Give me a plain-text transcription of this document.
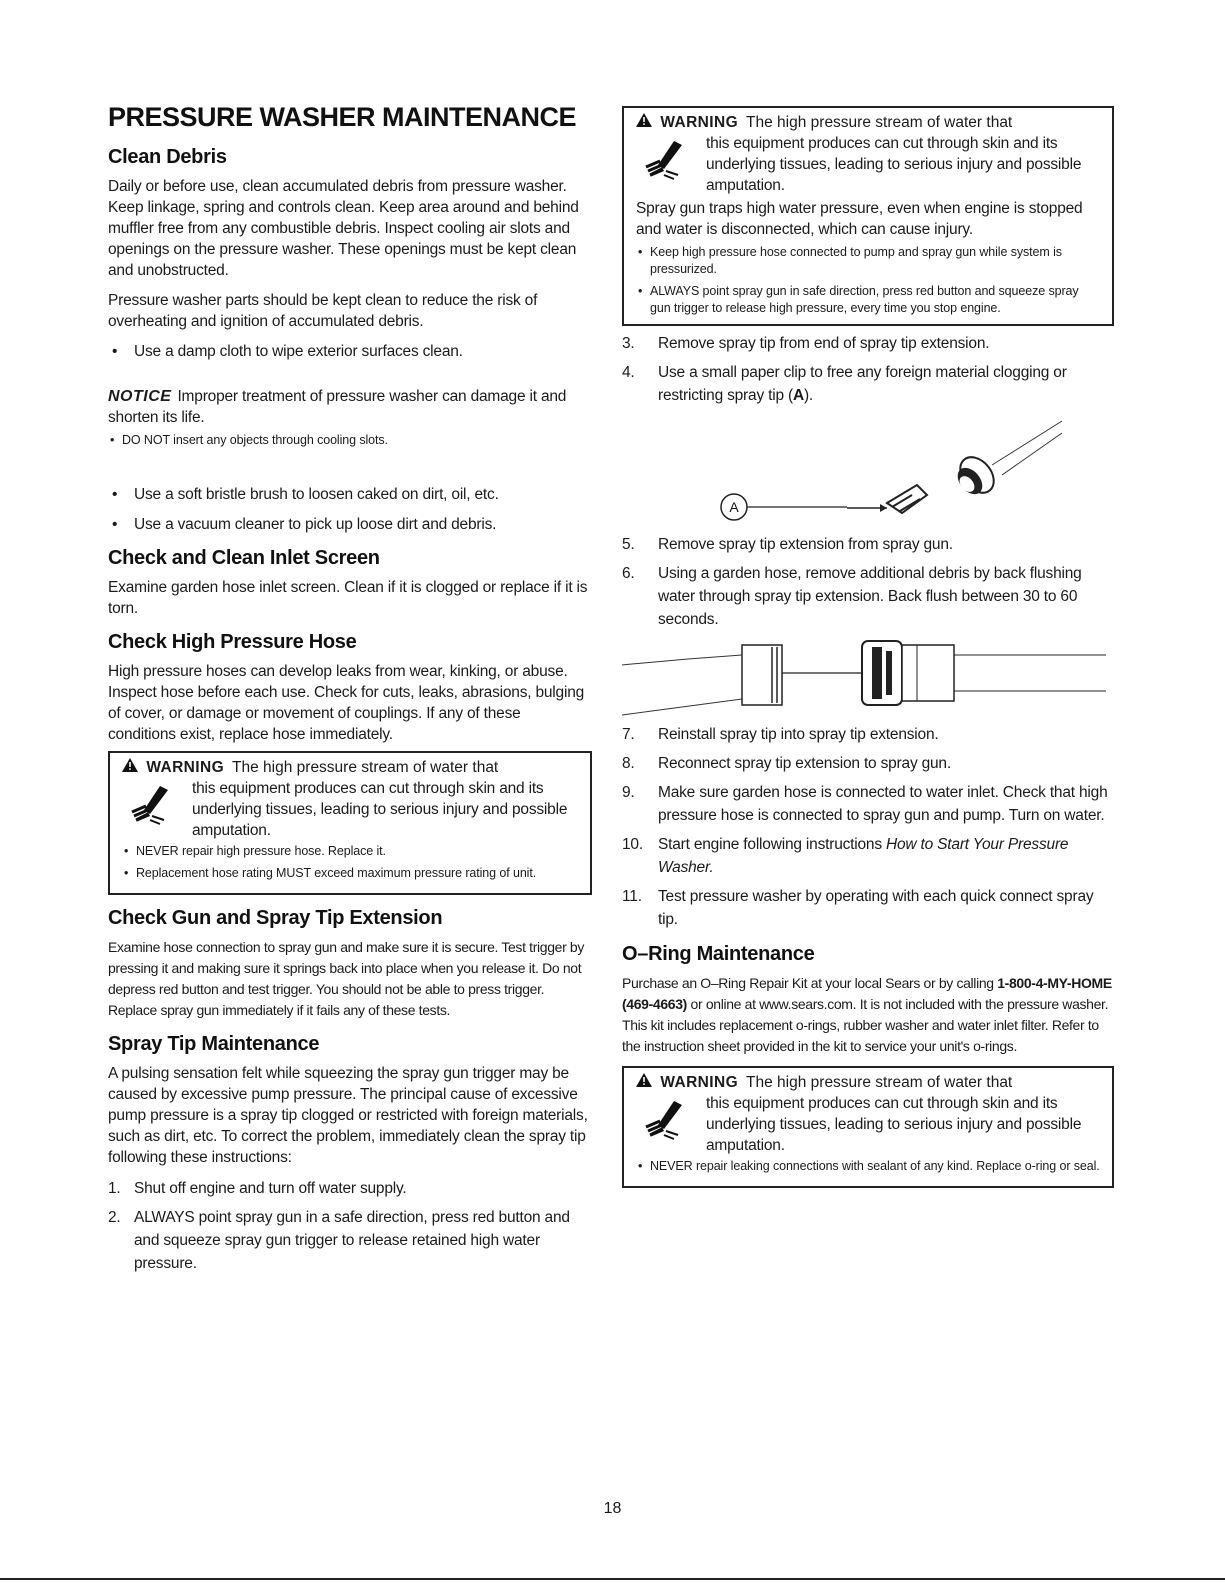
PRESSURE WASHER MAINTENANCE
Clean Debris

Daily or before use, clean accumulated debris from pressure washer. Keep linkage, spring and controls clean. Keep area around and behind muffler free from any combustible debris. Inspect cooling air slots and openings on the pressure washer. These openings must be kept clean and unobstructed.

Pressure washer parts should be kept clean to reduce the risk of overheating and ignition of accumulated debris.

• Use a damp cloth to wipe exterior surfaces clean.

NOTICE Improper treatment of pressure washer can damage it and shorten its life.

• DO NOT insert any objects through cooling slots.
• Use a soft bristle brush to loosen caked on dirt, oil, etc.
• Use a vacuum cleaner to pick up loose dirt and debris.
Check and Clean Inlet Screen

Examine garden hose inlet screen. Clean if it is clogged or replace if it is torn.

Check High Pressure Hose

High pressure hoses can develop leaks from wear, kinking, or abuse. Inspect hose before each use. Check for cuts, leaks, abrasions, bulging of cover, or damage or movement of couplings. If any of these conditions exist, replace hose immediately.

WARNING The high pressure stream of water that
this equipment produces can cut through skin and its underlying tissues, leading to serious injury and possible amputation.
• NEVER repair high pressure hose. Replace it.
• Replacement hose rating MUST exceed maximum pressure rating of unit.
Check Gun and Spray Tip Extension

Examine hose connection to spray gun and make sure it is secure. Test trigger by pressing it and making sure it springs back into place when you release it. Do not depress red button and test trigger. You should not be able to press trigger. Replace spray gun immediately if it fails any of these tests.

Spray Tip Maintenance

A pulsing sensation felt while squeezing the spray gun trigger may be caused by excessive pump pressure. The principal cause of excessive pump pressure is a spray tip clogged or restricted with foreign materials, such as dirt, etc. To correct the problem, immediately clean the spray tip following these instructions:

1. Shut off engine and turn off water supply.
2. ALWAYS point spray gun in a safe direction, press red button and and squeeze spray gun trigger to release retained high water pressure.
WARNING The high pressure stream of water that
this equipment produces can cut through skin and its underlying tissues, leading to serious injury and possible amputation.
Spray gun traps high water pressure, even when engine is stopped and water is disconnected, which can cause injury.
• Keep high pressure hose connected to pump and spray gun while system is pressurized.
• ALWAYS point spray gun in safe direction, press red button and squeeze spray gun trigger to release high pressure, every time you stop engine.
3. Remove spray tip from end of spray tip extension.
4. Use a small paper clip to free any foreign material clogging or restricting spray tip (A).
A
5. Remove spray tip extension from spray gun.
6. Using a garden hose, remove additional debris by back flushing water through spray tip extension. Back flush between 30 to 60 seconds.
7. Reinstall spray tip into spray tip extension.
8. Reconnect spray tip extension to spray gun.
9. Make sure garden hose is connected to water inlet. Check that high pressure hose is connected to spray gun and pump. Turn on water.
10. Start engine following instructions How to Start Your Pressure Washer.
11. Test pressure washer by operating with each quick connect spray tip.
O–Ring Maintenance

Purchase an O–Ring Repair Kit at your local Sears or by calling 1-800-4-MY-HOME (469-4663) or online at www.sears.com. It is not included with the pressure washer. This kit includes replacement o-rings, rubber washer and water inlet filter. Refer to the instruction sheet provided in the kit to service your unit's o-rings.

WARNING The high pressure stream of water that
this equipment produces can cut through skin and its underlying tissues, leading to serious injury and possible amputation.
• NEVER repair leaking connections with sealant of any kind. Replace o-ring or seal.
18
